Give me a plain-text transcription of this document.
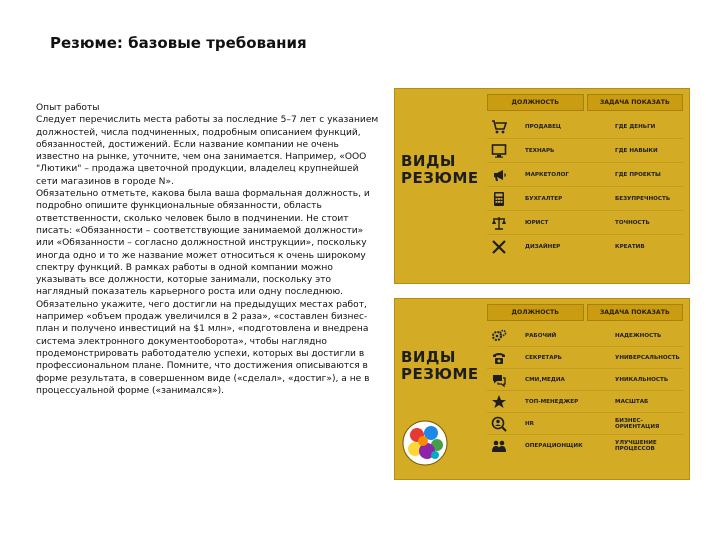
Резюме: базовые требования

Опыт работы

Следует перечислить места работы за последние 5–7 лет с указанием должностей, числа подчиненных, подробным описанием функций, обязанностей, достижений. Если название компании не очень известно на рынке, уточните, чем она занимается. Например, «ООО "Лютики" – продажа цветочной продукции, владелец крупнейшей сети магазинов в городе N».

Обязательно отметьте, какова была ваша формальная должность, и подробно опишите функциональные обязанности, область ответственности, сколько человек было в подчинении. Не стоит писать: «Обязанности – соответствующие занимаемой должности» или «Обязанности – согласно должностной инструкции», поскольку иногда одно и то же название может относиться к очень широкому спектру функций. В рамках работы в одной компании можно указывать все должности, которые занимали, поскольку это наглядный показатель карьерного роста или одну последнюю.

Обязательно укажите, чего достигли на предыдущих местах работ, например «объем продаж увеличился в 2 раза», «составлен бизнес-план и получено инвестиций на $1 млн», «подготовлена и внедрена система электронного документооборота», чтобы наглядно продемонстрировать работодателю успехи, которых вы достигли в профессиональном плане. Помните, что достижения описываются в форме результата, в совершенном виде («сделал», «достиг»), а не в процессуальной форме («занимался»).

ДОЛЖНОСТЬ	ЗАДАЧА ПОКАЗАТЬ
ВИДЫ
РЕЗЮМЕ
ПРОДАВЕЦ	ГДЕ ДЕНЬГИ
ТЕХНАРЬ	ГДЕ НАВЫКИ
МАРКЕТОЛОГ	ГДЕ ПРОЕКТЫ
БУХГАЛТЕР	БЕЗУПРЕЧНОСТЬ
ЮРИСТ	ТОЧНОСТЬ
ДИЗАЙНЕР	КРЕАТИВ
ДОЛЖНОСТЬ	ЗАДАЧА ПОКАЗАТЬ
ВИДЫ
РЕЗЮМЕ
РАБОЧИЙ	НАДЕЖНОСТЬ
СЕКРЕТАРЬ	УНИВЕРСАЛЬНОСТЬ
СМИ,МЕДИА	УНИКАЛЬНОСТЬ
ТОП-МЕНЕДЖЕР	МАСШТАБ
HR	БИЗНЕС-ОРИЕНТАЦИЯ
ОПЕРАЦИОНЩИК	УЛУЧШЕНИЕ ПРОЦЕССОВ
